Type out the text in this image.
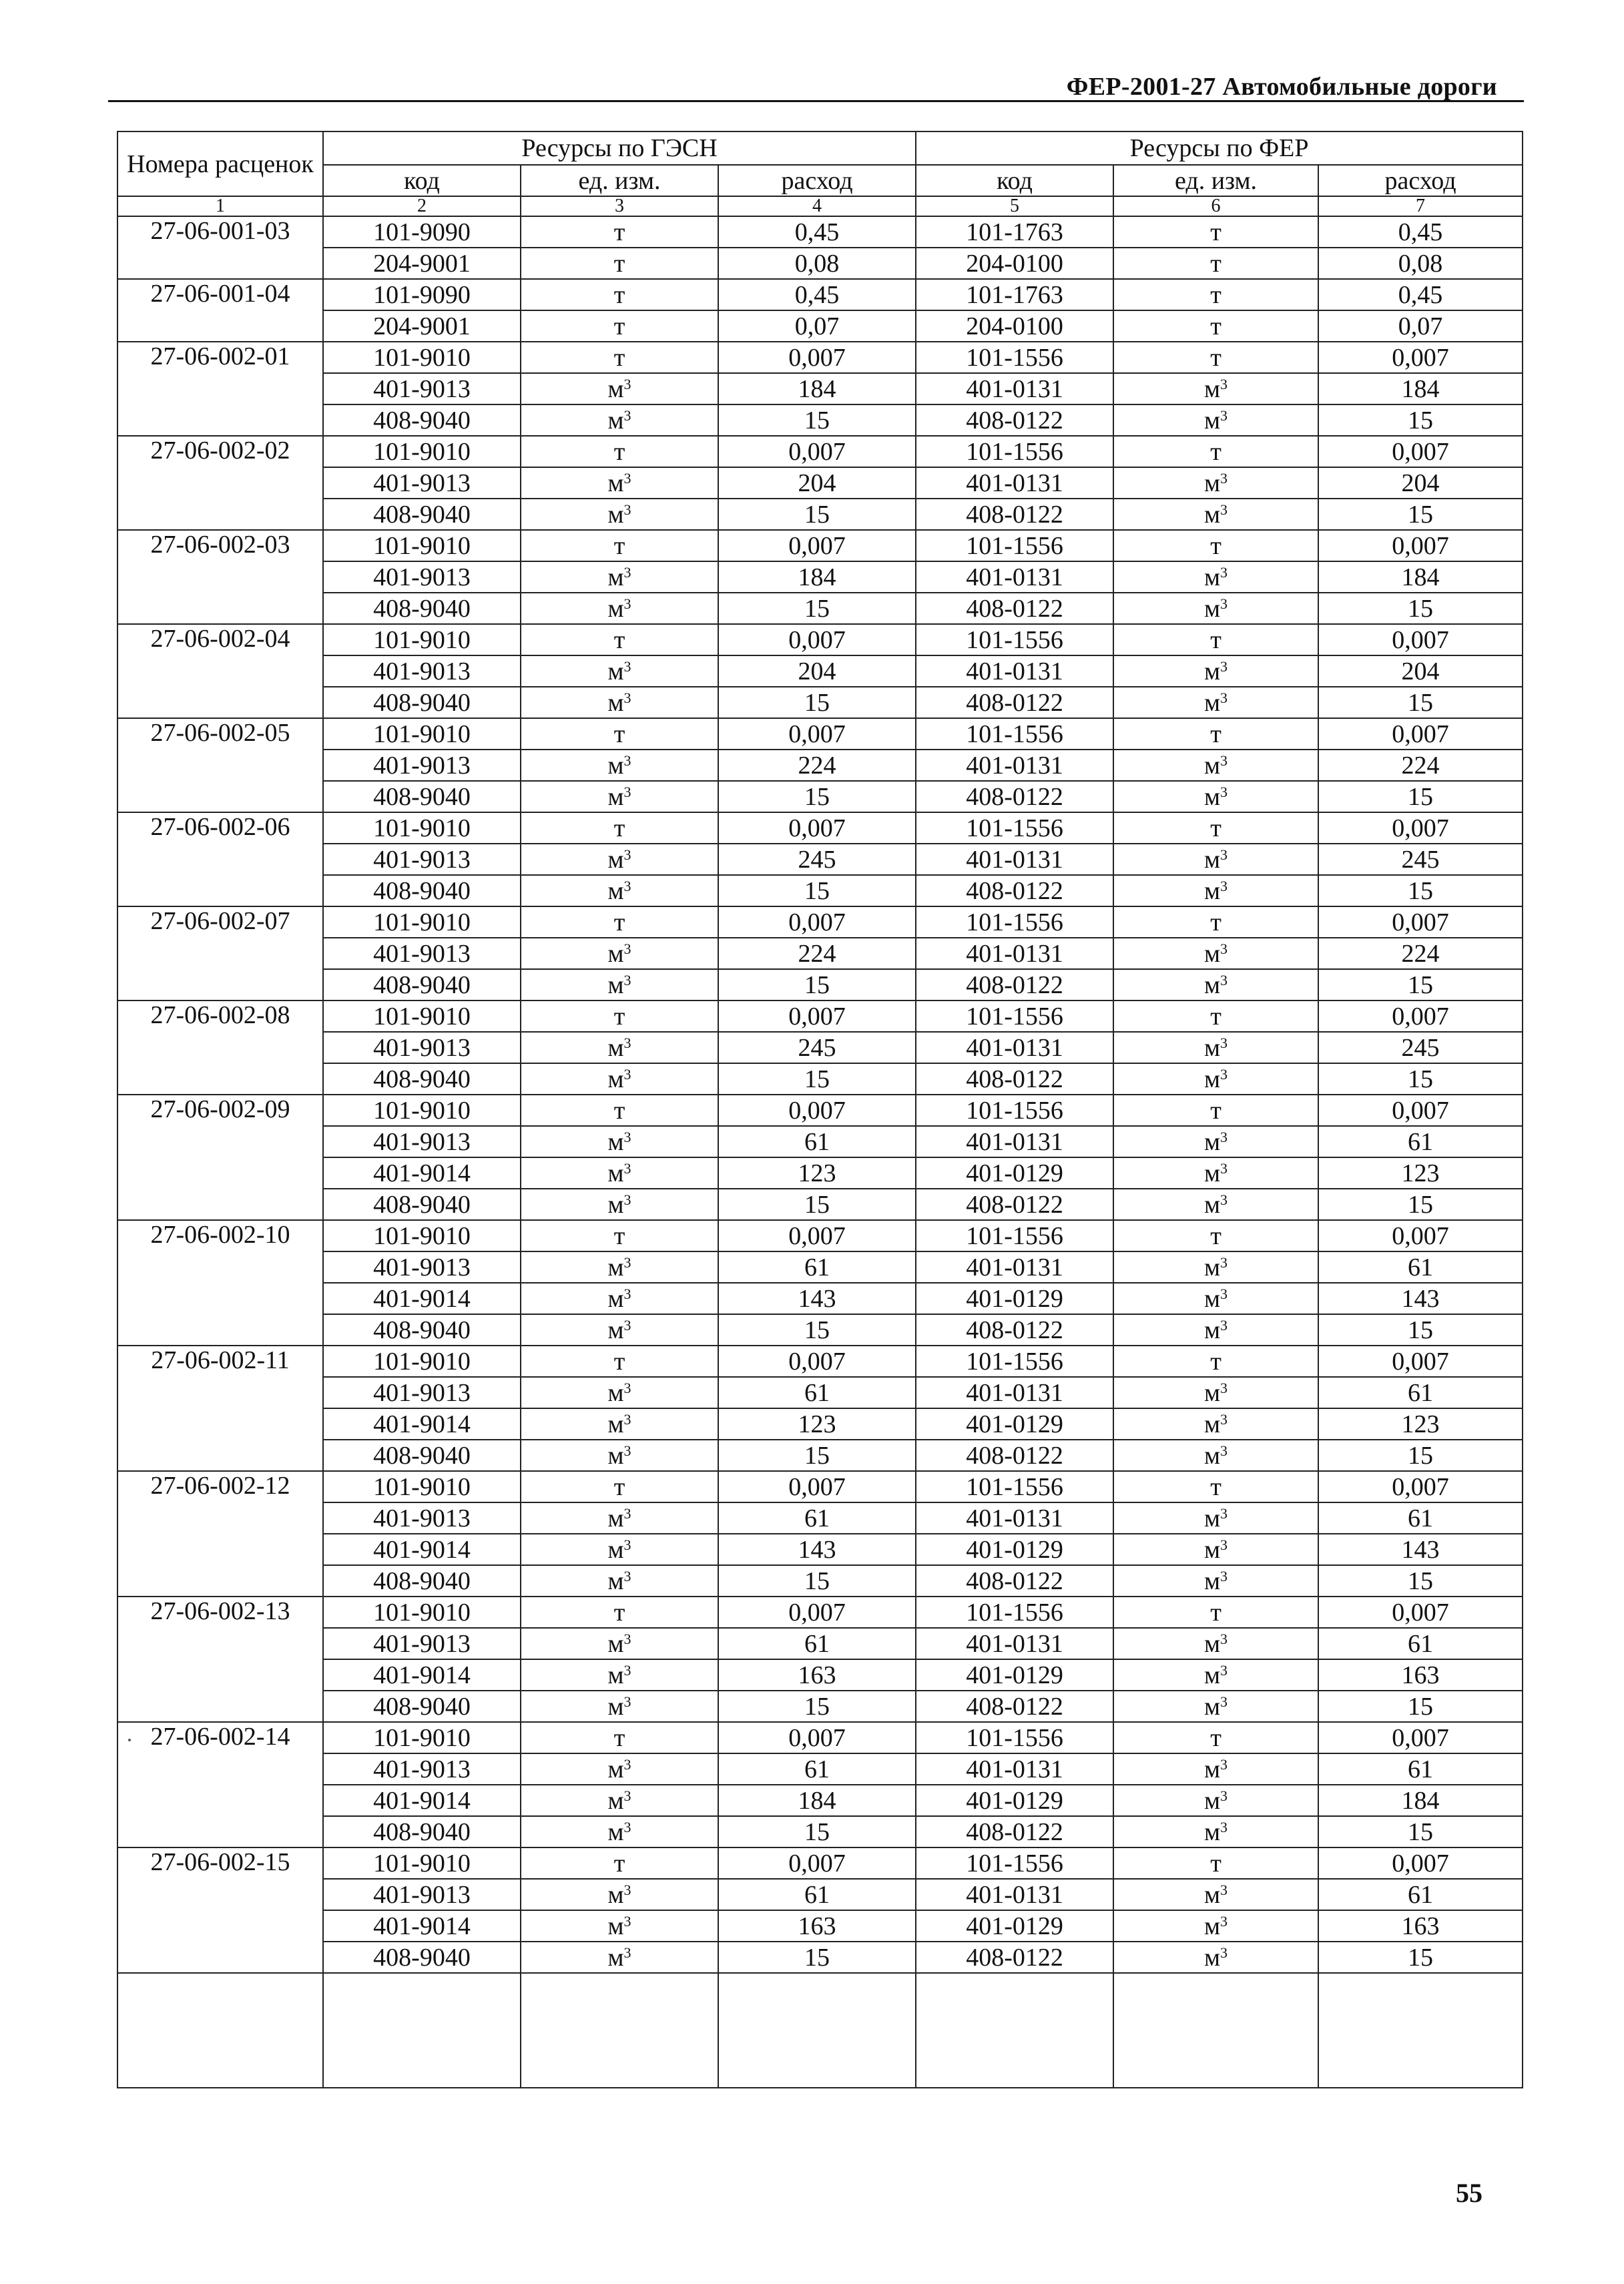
ФЕР-2001-27 Автомобильные дороги
Номера расценок	Ресурсы по ГЭСН			Ресурсы по ФЕР		
	код	ед. изм.	расход	код	ед. изм.	расход
1	2	3	4	5	6	7
27-06-001-03	101-9090	т	0,45	101-1763	т	0,45
	204-9001	т	0,08	204-0100	т	0,08
27-06-001-04	101-9090	т	0,45	101-1763	т	0,45
	204-9001	т	0,07	204-0100	т	0,07
27-06-002-01	101-9010	т	0,007	101-1556	т	0,007
	401-9013	$м^3$	184	401-0131	$м^3$	184
	408-9040	$м^3$	15	408-0122	$м^3$	15
27-06-002-02	101-9010	т	0,007	101-1556	т	0,007
	401-9013	$м^3$	204	401-0131	$м^3$	204
	408-9040	$м^3$	15	408-0122	$м^3$	15
27-06-002-03	101-9010	т	0,007	101-1556	т	0,007
	401-9013	$м^3$	184	401-0131	$м^3$	184
	408-9040	$м^3$	15	408-0122	$м^3$	15
27-06-002-04	101-9010	т	0,007	101-1556	т	0,007
	401-9013	$м^3$	204	401-0131	$м^3$	204
	408-9040	$м^3$	15	408-0122	$м^3$	15
27-06-002-05	101-9010	т	0,007	101-1556	т	0,007
	401-9013	$м^3$	224	401-0131	$м^3$	224
	408-9040	$м^3$	15	408-0122	$м^3$	15
27-06-002-06	101-9010	т	0,007	101-1556	т	0,007
	401-9013	$м^3$	245	401-0131	$м^3$	245
	408-9040	$м^3$	15	408-0122	$м^3$	15
27-06-002-07	101-9010	т	0,007	101-1556	т	0,007
	401-9013	$м^3$	224	401-0131	$м^3$	224
	408-9040	$м^3$	15	408-0122	$м^3$	15
27-06-002-08	101-9010	т	0,007	101-1556	т	0,007
	401-9013	$м^3$	245	401-0131	$м^3$	245
	408-9040	$м^3$	15	408-0122	$м^3$	15
27-06-002-09	101-9010	т	0,007	101-1556	т	0,007
	401-9013	$м^3$	61	401-0131	$м^3$	61
	401-9014	$м^3$	123	401-0129	$м^3$	123
	408-9040	$м^3$	15	408-0122	$м^3$	15
27-06-002-10	101-9010	т	0,007	101-1556	т	0,007
	401-9013	$м^3$	61	401-0131	$м^3$	61
	401-9014	$м^3$	143	401-0129	$м^3$	143
	408-9040	$м^3$	15	408-0122	$м^3$	15
27-06-002-11	101-9010	т	0,007	101-1556	т	0,007
	401-9013	$м^3$	61	401-0131	$м^3$	61
	401-9014	$м^3$	123	401-0129	$м^3$	123
	408-9040	$м^3$	15	408-0122	$м^3$	15
27-06-002-12	101-9010	т	0,007	101-1556	т	0,007
	401-9013	$м^3$	61	401-0131	$м^3$	61
	401-9014	$м^3$	143	401-0129	$м^3$	143
	408-9040	$м^3$	15	408-0122	$м^3$	15
27-06-002-13	101-9010	т	0,007	101-1556	т	0,007
	401-9013	$м^3$	61	401-0131	$м^3$	61
	401-9014	$м^3$	163	401-0129	$м^3$	163
	408-9040	$м^3$	15	408-0122	$м^3$	15
27-06-002-14	101-9010	т	0,007	101-1556	т	0,007
	401-9013	$м^3$	61	401-0131	$м^3$	61
	401-9014	$м^3$	184	401-0129	$м^3$	184
	408-9040	$м^3$	15	408-0122	$м^3$	15
27-06-002-15	101-9010	т	0,007	101-1556	т	0,007
	401-9013	$м^3$	61	401-0131	$м^3$	61
	401-9014	$м^3$	163	401-0129	$м^3$	163
	408-9040	$м^3$	15	408-0122	$м^3$	15

55
